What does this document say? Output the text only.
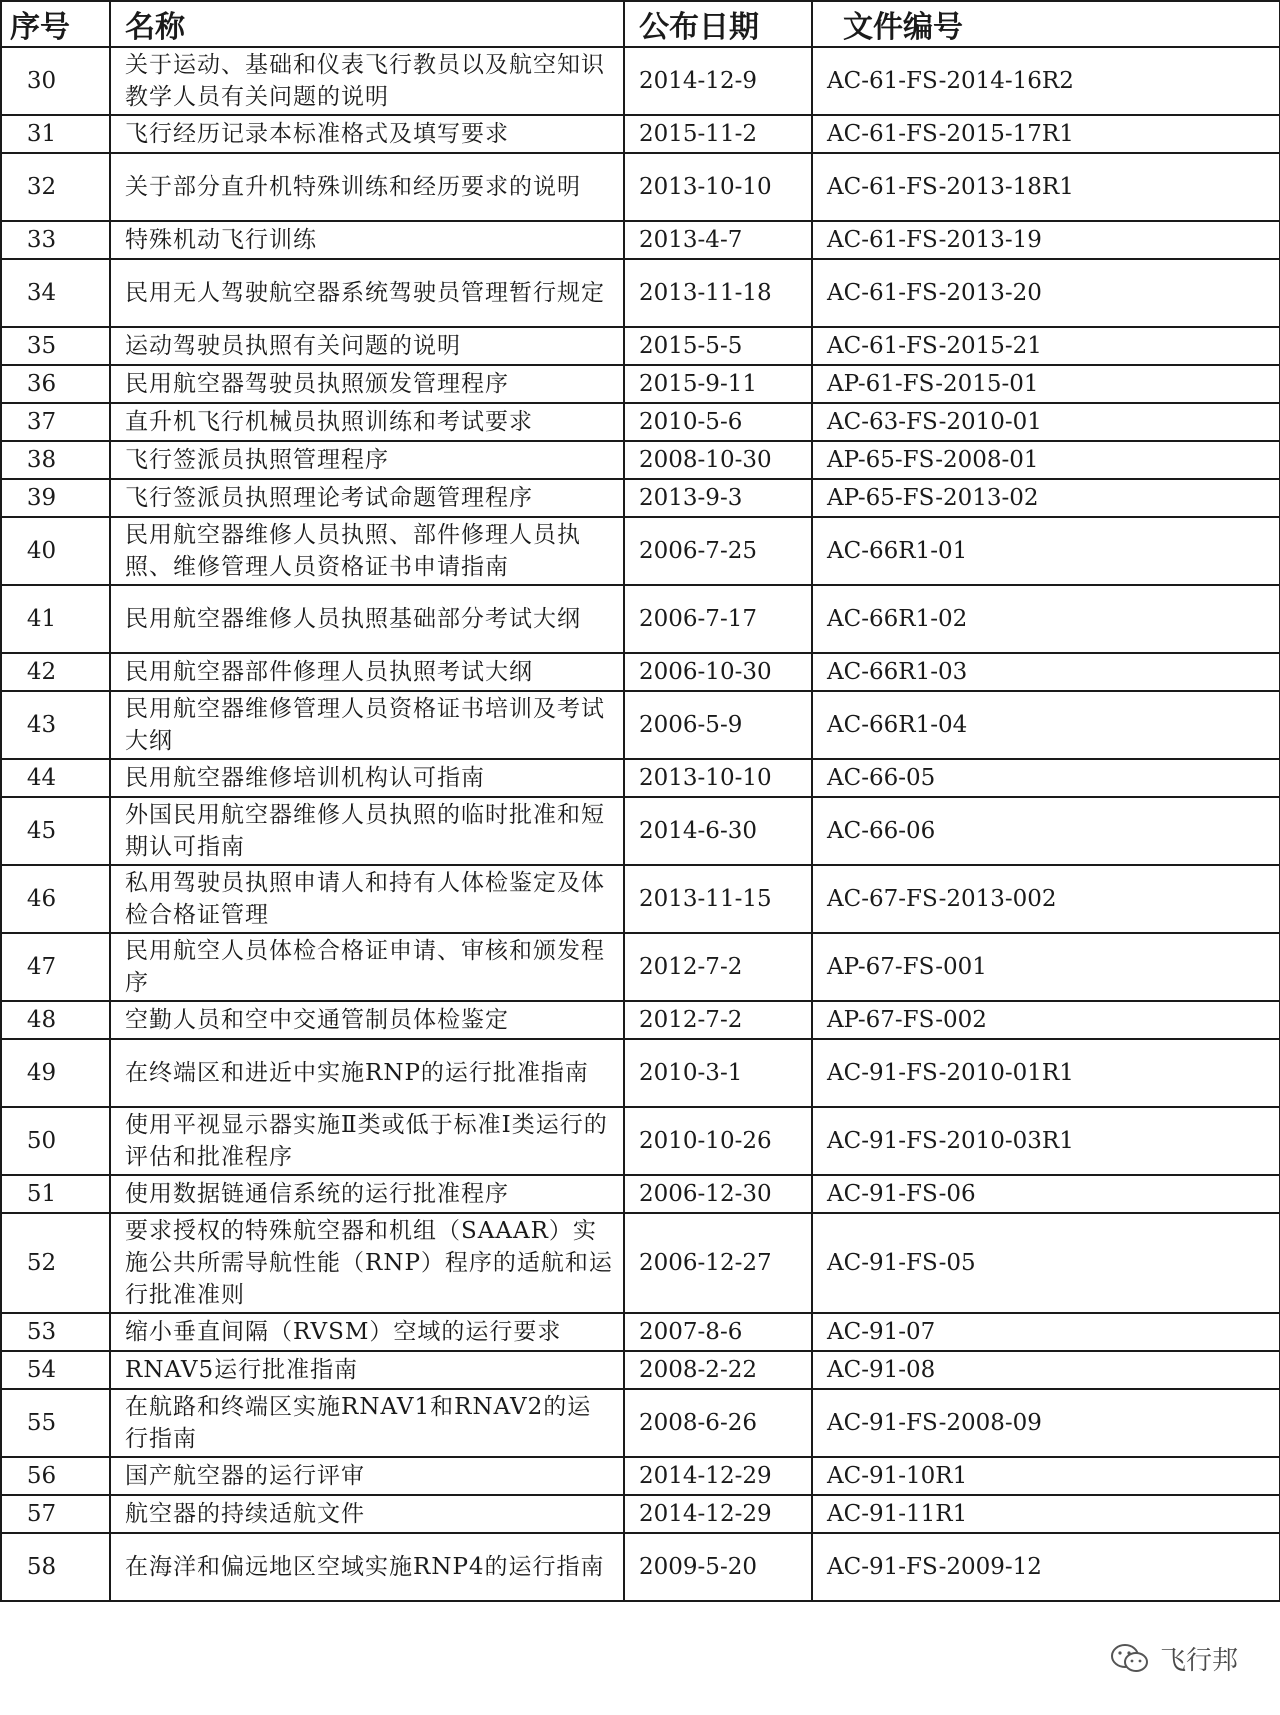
序号	名称	公布日期	文件编号
30	关于运动、基础和仪表飞行教员以及航空知识教学人员有关问题的说明	2014-12-9	AC-61-FS-2014-16R2
31	飞行经历记录本标准格式及填写要求	2015-11-2	AC-61-FS-2015-17R1
32	关于部分直升机特殊训练和经历要求的说明	2013-10-10	AC-61-FS-2013-18R1
33	特殊机动飞行训练	2013-4-7	AC-61-FS-2013-19
34	民用无人驾驶航空器系统驾驶员管理暂行规定	2013-11-18	AC-61-FS-2013-20
35	运动驾驶员执照有关问题的说明	2015-5-5	AC-61-FS-2015-21
36	民用航空器驾驶员执照颁发管理程序	2015-9-11	AP-61-FS-2015-01
37	直升机飞行机械员执照训练和考试要求	2010-5-6	AC-63-FS-2010-01
38	飞行签派员执照管理程序	2008-10-30	AP-65-FS-2008-01
39	飞行签派员执照理论考试命题管理程序	2013-9-3	AP-65-FS-2013-02
40	民用航空器维修人员执照、部件修理人员执照、维修管理人员资格证书申请指南	2006-7-25	AC-66R1-01
41	民用航空器维修人员执照基础部分考试大纲	2006-7-17	AC-66R1-02
42	民用航空器部件修理人员执照考试大纲	2006-10-30	AC-66R1-03
43	民用航空器维修管理人员资格证书培训及考试大纲	2006-5-9	AC-66R1-04
44	民用航空器维修培训机构认可指南	2013-10-10	AC-66-05
45	外国民用航空器维修人员执照的临时批准和短期认可指南	2014-6-30	AC-66-06
46	私用驾驶员执照申请人和持有人体检鉴定及体检合格证管理	2013-11-15	AC-67-FS-2013-002
47	民用航空人员体检合格证申请、审核和颁发程序	2012-7-2	AP-67-FS-001
48	空勤人员和空中交通管制员体检鉴定	2012-7-2	AP-67-FS-002
49	在终端区和进近中实施RNP的运行批准指南	2010-3-1	AC-91-FS-2010-01R1
50	使用平视显示器实施Ⅱ类或低于标准Ⅰ类运行的评估和批准程序	2010-10-26	AC-91-FS-2010-03R1
51	使用数据链通信系统的运行批准程序	2006-12-30	AC-91-FS-06
52	要求授权的特殊航空器和机组（SAAAR）实施公共所需导航性能（RNP）程序的适航和运行批准准则	2006-12-27	AC-91-FS-05
53	缩小垂直间隔（RVSM）空域的运行要求	2007-8-6	AC-91-07
54	RNAV5运行批准指南	2008-2-22	AC-91-08
55	在航路和终端区实施RNAV1和RNAV2的运行指南	2008-6-26	AC-91-FS-2008-09
56	国产航空器的运行评审	2014-12-29	AC-91-10R1
57	航空器的持续适航文件	2014-12-29	AC-91-11R1
58	在海洋和偏远地区空域实施RNP4的运行指南	2009-5-20	AC-91-FS-2009-12
飞行邦
